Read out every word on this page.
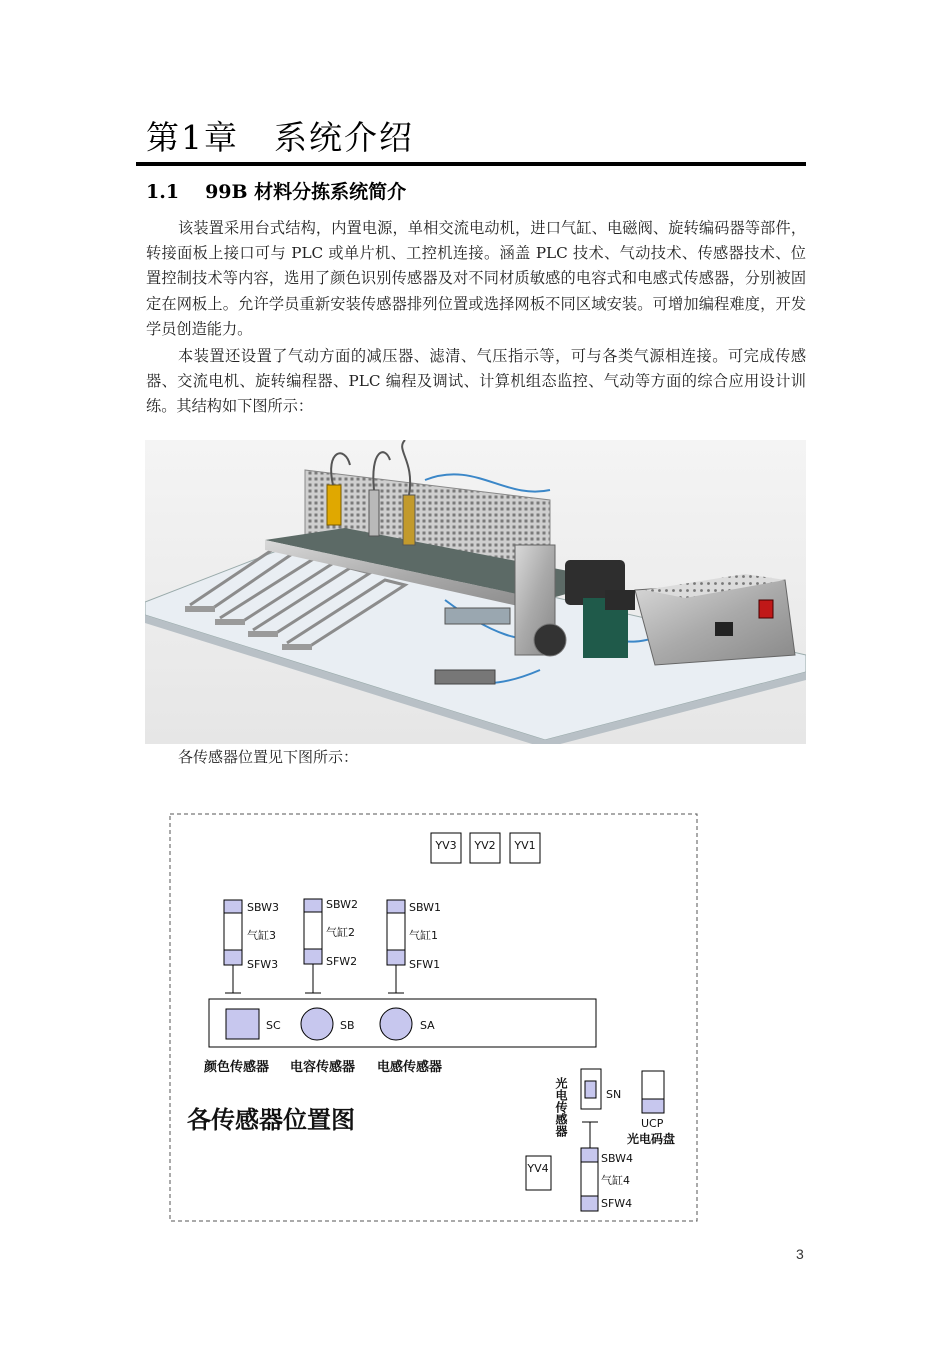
第1章　系统介绍
1.1 99B 材料分拣系统简介
该装置采用台式结构，内置电源，单相交流电动机，进口气缸、电磁阀、旋转编码器等部件，转接面板上接口可与 PLC 或单片机、工控机连接。涵盖 PLC 技术、气动技术、传感器技术、位置控制技术等内容，选用了颜色识别传感器及对不同材质敏感的电容式和电感式传感器，分别被固定在网板上。允许学员重新安装传感器排列位置或选择网板不同区域安装。可增加编程难度，开发学员创造能力。
本装置还设置了气动方面的减压器、滤清、气压指示等，可与各类气源相连接。可完成传感器、交流电机、旋转编程器、PLC 编程及调试、计算机组态监控、气动等方面的综合应用设计训练。其结构如下图所示：
各传感器位置见下图所示：
YV3 YV2 YV1
SBW3
气缸3
SFW3
SBW2
气缸2
SFW2
SBW1
气缸1
SFW1
SC	SB	SA
颜色传感器 电容传感器 电感传感器
各传感器位置图	光电传感器	SN
UCP
光电码盘
YV4
SBW4
气缸4
SFW4
3
